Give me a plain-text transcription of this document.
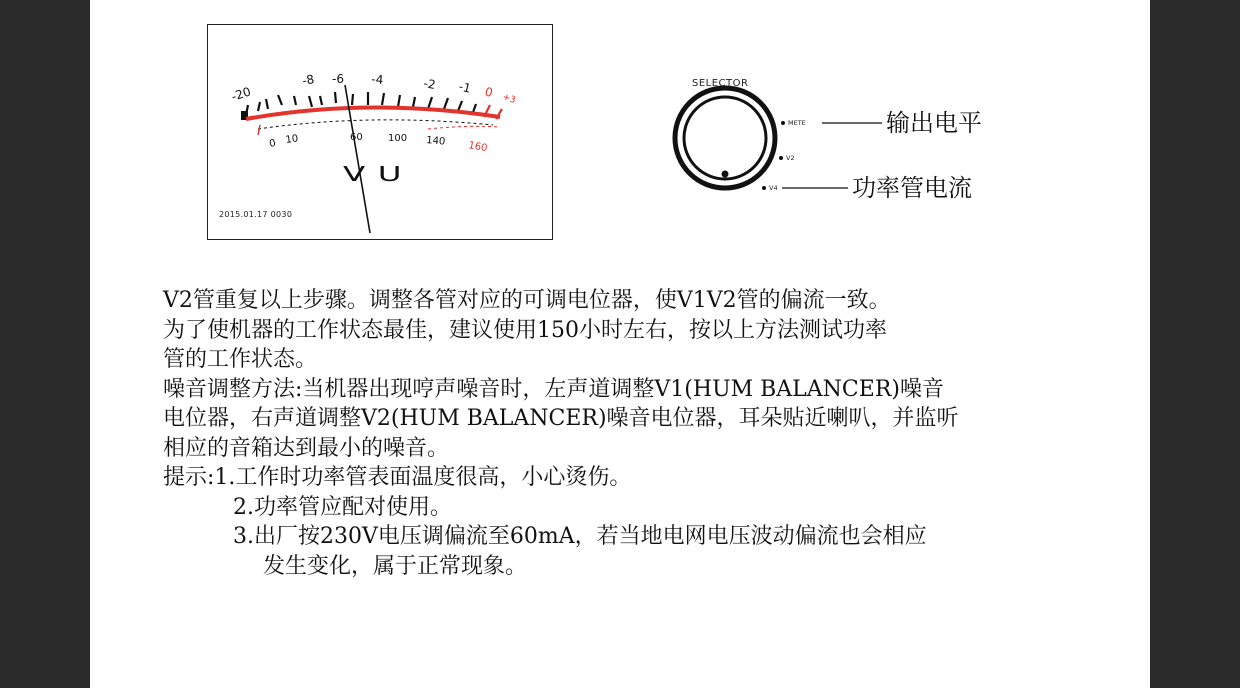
-20
-8 -6 -4	-2 -1 0 +3
0 10	60	100 140 160
VU
2015.01.17 0030
SELECTOR
METE
V2
V4
输出电平
功率管电流
V2管重复以上步骤。调整各管对应的可调电位器，使V1V2管的偏流一致。
为了使机器的工作状态最佳，建议使用150小时左右，按以上方法测试功率
管的工作状态。
噪音调整方法:当机器出现哼声噪音时，左声道调整V1(HUM BALANCER)噪音
电位器，右声道调整V2(HUM BALANCER)噪音电位器，耳朵贴近喇叭，并监听
相应的音箱达到最小的噪音。
提示:1.工作时功率管表面温度很高，小心烫伤。
2.功率管应配对使用。
3.出厂按230V电压调偏流至60mA，若当地电网电压波动偏流也会相应
发生变化，属于正常现象。
